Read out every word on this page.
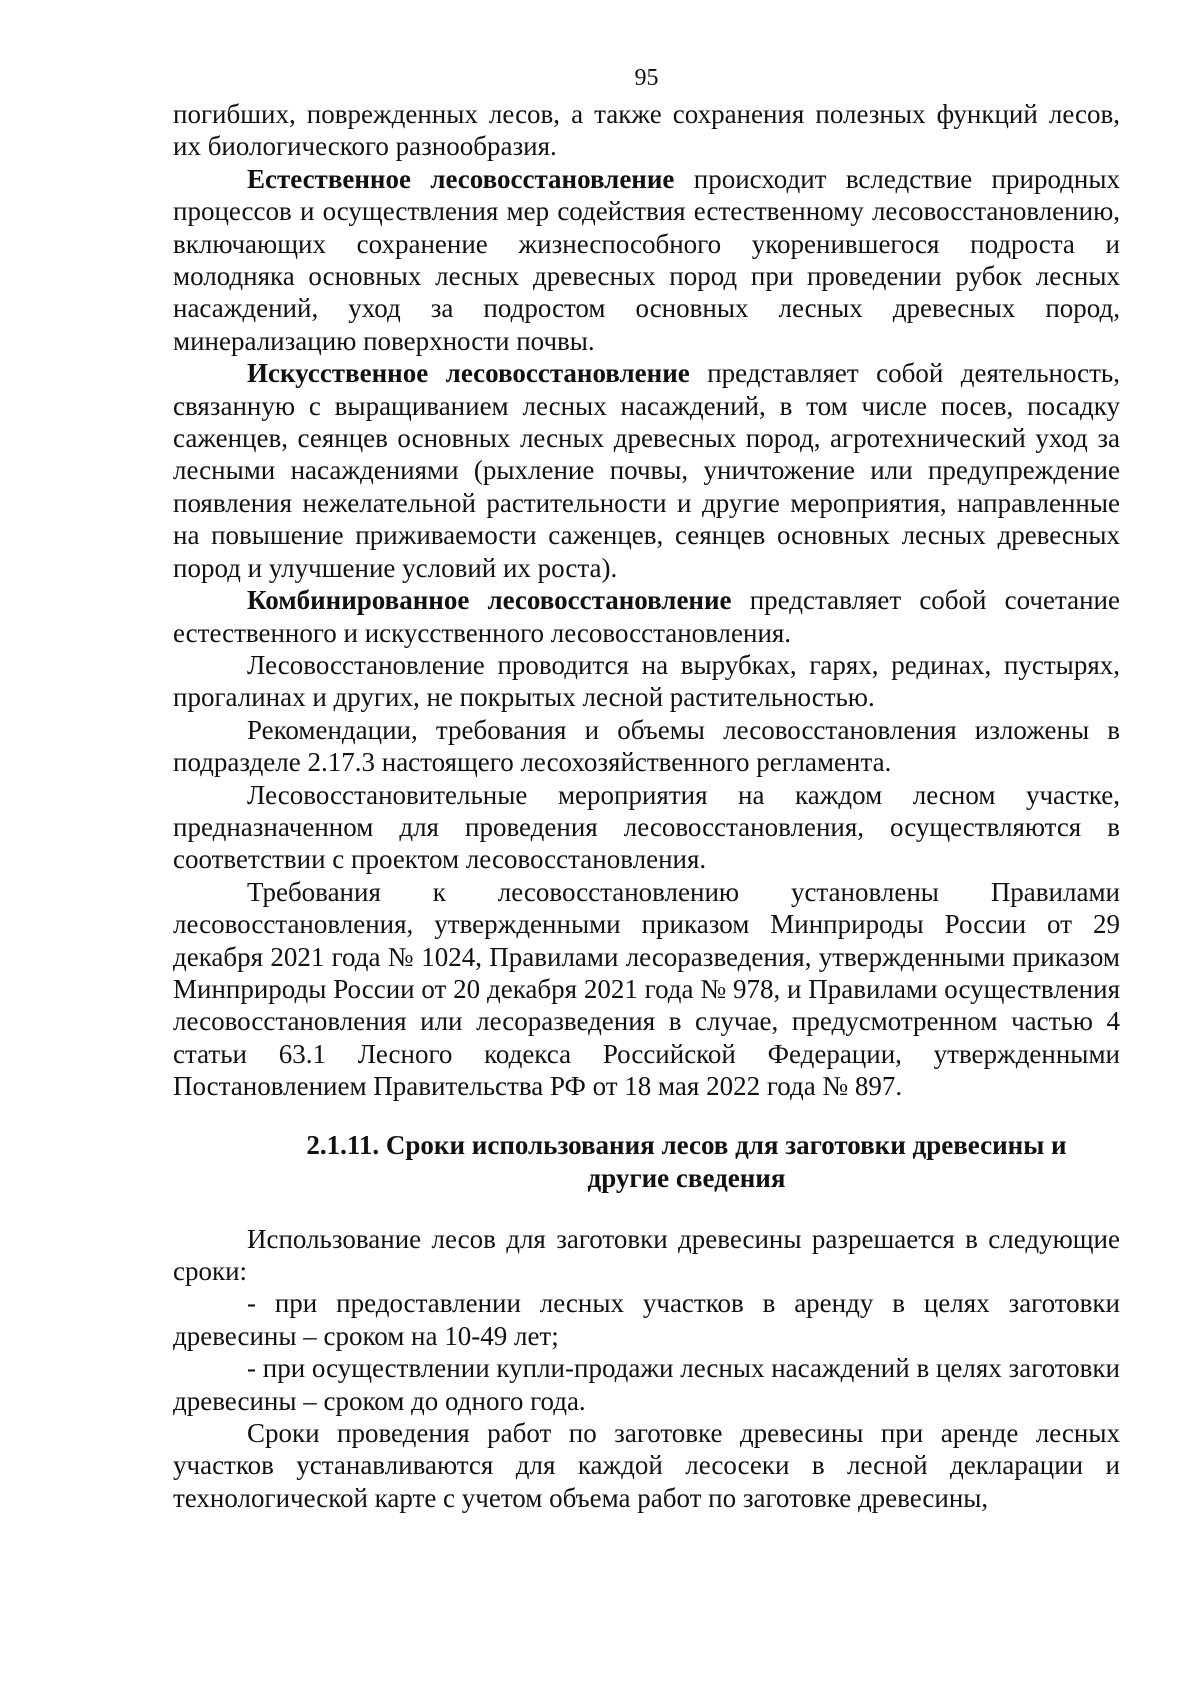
95

погибших, поврежденных лесов, а также сохранения полезных функций лесов, их биологического разнообразия.

Естественное лесовосстановление происходит вследствие природных процессов и осуществления мер содействия естественному лесовосстановлению, включающих сохранение жизнеспособного укоренившегося подроста и молодняка основных лесных древесных пород при проведении рубок лесных насаждений, уход за подростом основных лесных древесных пород, минерализацию поверхности почвы.

Искусственное лесовосстановление представляет собой деятельность, связанную с выращиванием лесных насаждений, в том числе посев, посадку саженцев, сеянцев основных лесных древесных пород, агротехнический уход за лесными насаждениями (рыхление почвы, уничтожение или предупреждение появления нежелательной растительности и другие мероприятия, направленные на повышение приживаемости саженцев, сеянцев основных лесных древесных пород и улучшение условий их роста).

Комбинированное лесовосстановление представляет собой сочетание естественного и искусственного лесовосстановления.

Лесовосстановление проводится на вырубках, гарях, рединах, пустырях, прогалинах и других, не покрытых лесной растительностью.

Рекомендации, требования и объемы лесовосстановления изложены в подразделе 2.17.3 настоящего лесохозяйственного регламента.

Лесовосстановительные мероприятия на каждом лесном участке, предназначенном для проведения лесовосстановления, осуществляются в соответствии с проектом лесовосстановления.

Требования к лесовосстановлению установлены Правилами лесовосстановления, утвержденными приказом Минприроды России от 29 декабря 2021 года № 1024, Правилами лесоразведения, утвержденными приказом Минприроды России от 20 декабря 2021 года № 978, и Правилами осуществления лесовосстановления или лесоразведения в случае, предусмотренном частью 4 статьи 63.1 Лесного кодекса Российской Федерации, утвержденными Постановлением Правительства РФ от 18 мая 2022 года № 897.

2.1.11. Сроки использования лесов для заготовки древесины и

другие сведения

Использование лесов для заготовки древесины разрешается в следующие сроки:

- при предоставлении лесных участков в аренду в целях заготовки древесины – сроком на 10-49 лет;

- при осуществлении купли-продажи лесных насаждений в целях заготовки древесины – сроком до одного года.

Сроки проведения работ по заготовке древесины при аренде лесных участков устанавливаются для каждой лесосеки в лесной декларации и технологической карте с учетом объема работ по заготовке древесины,
